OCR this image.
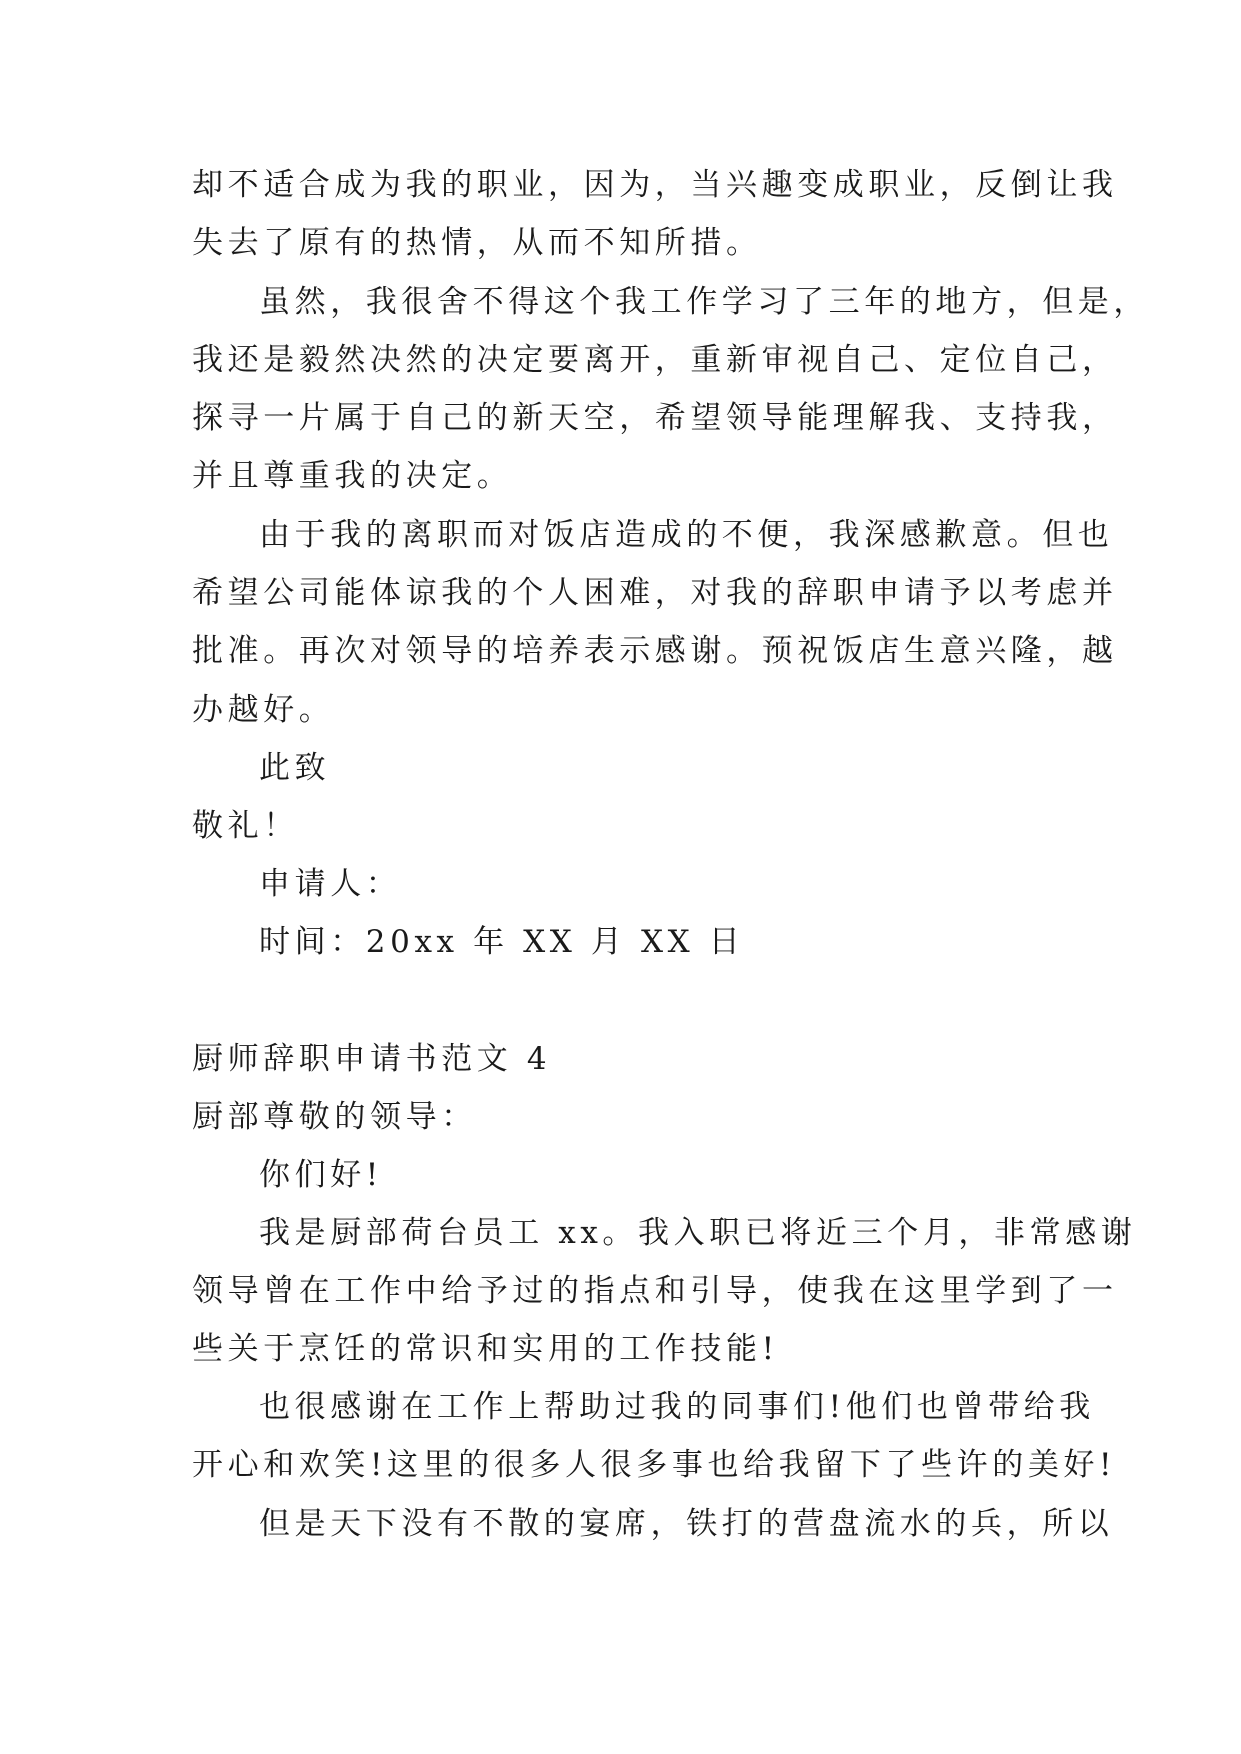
却不适合成为我的职业，因为，当兴趣变成职业，反倒让我
失去了原有的热情，从而不知所措。
虽然，我很舍不得这个我工作学习了三年的地方，但是，
我还是毅然决然的决定要离开，重新审视自己、定位自己，
探寻一片属于自己的新天空，希望领导能理解我、支持我，
并且尊重我的决定。
由于我的离职而对饭店造成的不便，我深感歉意。但也
希望公司能体谅我的个人困难，对我的辞职申请予以考虑并
批准。再次对领导的培养表示感谢。预祝饭店生意兴隆，越
办越好。
此致
敬礼！
申请人：
时间：20xx 年 XX 月 XX 日
厨师辞职申请书范文 4
厨部尊敬的领导：
你们好!
我是厨部荷台员工 xx。我入职已将近三个月，非常感谢
领导曾在工作中给予过的指点和引导，使我在这里学到了一
些关于烹饪的常识和实用的工作技能!
也很感谢在工作上帮助过我的同事们!他们也曾带给我
开心和欢笑!这里的很多人很多事也给我留下了些许的美好!
但是天下没有不散的宴席，铁打的营盘流水的兵，所以
